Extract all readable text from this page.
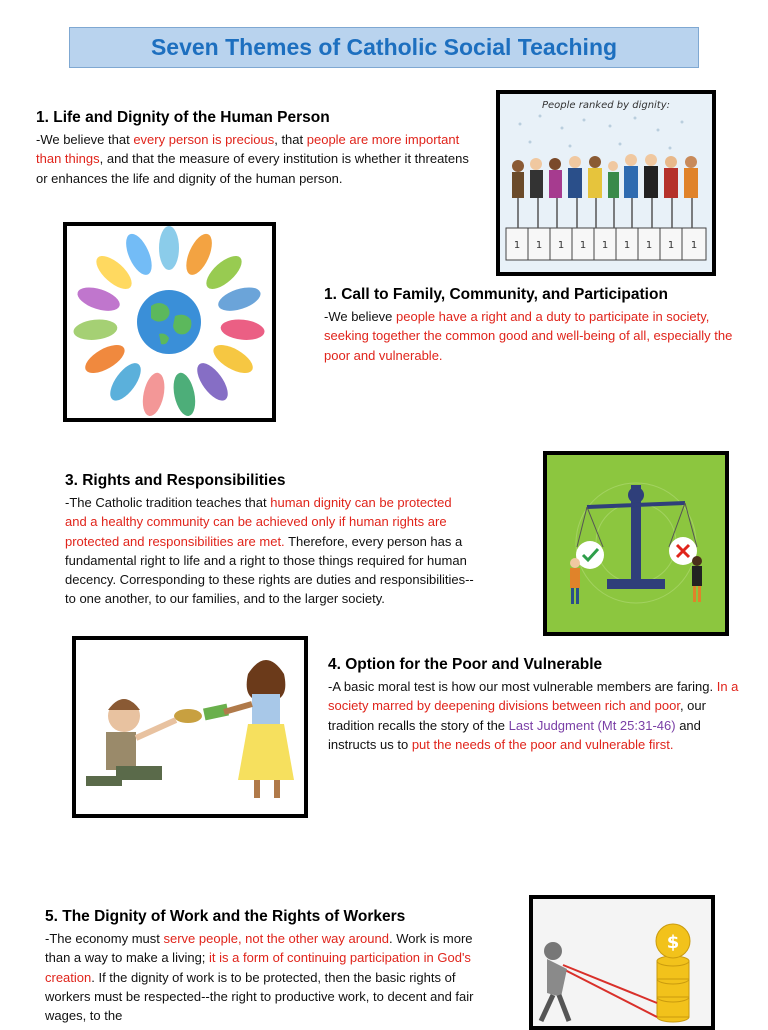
Seven Themes of Catholic Social Teaching
1. Life and Dignity of the Human Person

-We believe that every person is precious, that people are more important than things, and that the measure of every institution is whether it threatens or enhances the life and dignity of the human person.

1 1 1 1 1 1 1 1 1
People ranked by dignity:
1. Call to Family, Community, and Participation

-We believe people have a right and a duty to participate in society, seeking together the common good and well-being of all, especially the poor and vulnerable.

3. Rights and Responsibilities

-The Catholic tradition teaches that human dignity can be protected and a healthy community can be achieved only if human rights are protected and responsibilities are met. Therefore, every person has a fundamental right to life and a right to those things required for human decency. Corresponding to these rights are duties and responsibilities--to one another, to our families, and to the larger society.

4. Option for the Poor and Vulnerable

-A basic moral test is how our most vulnerable members are faring. In a society marred by deepening divisions between rich and poor, our tradition recalls the story of the Last Judgment (Mt 25:31-46) and instructs us to put the needs of the poor and vulnerable first.

5. The Dignity of Work and the Rights of Workers

-The economy must serve people, not the other way around. Work is more than a way to make a living; it is a form of continuing participation in God's creation. If the dignity of work is to be protected, then the basic rights of workers must be respected--the right to productive work, to decent and fair wages, to the

$
